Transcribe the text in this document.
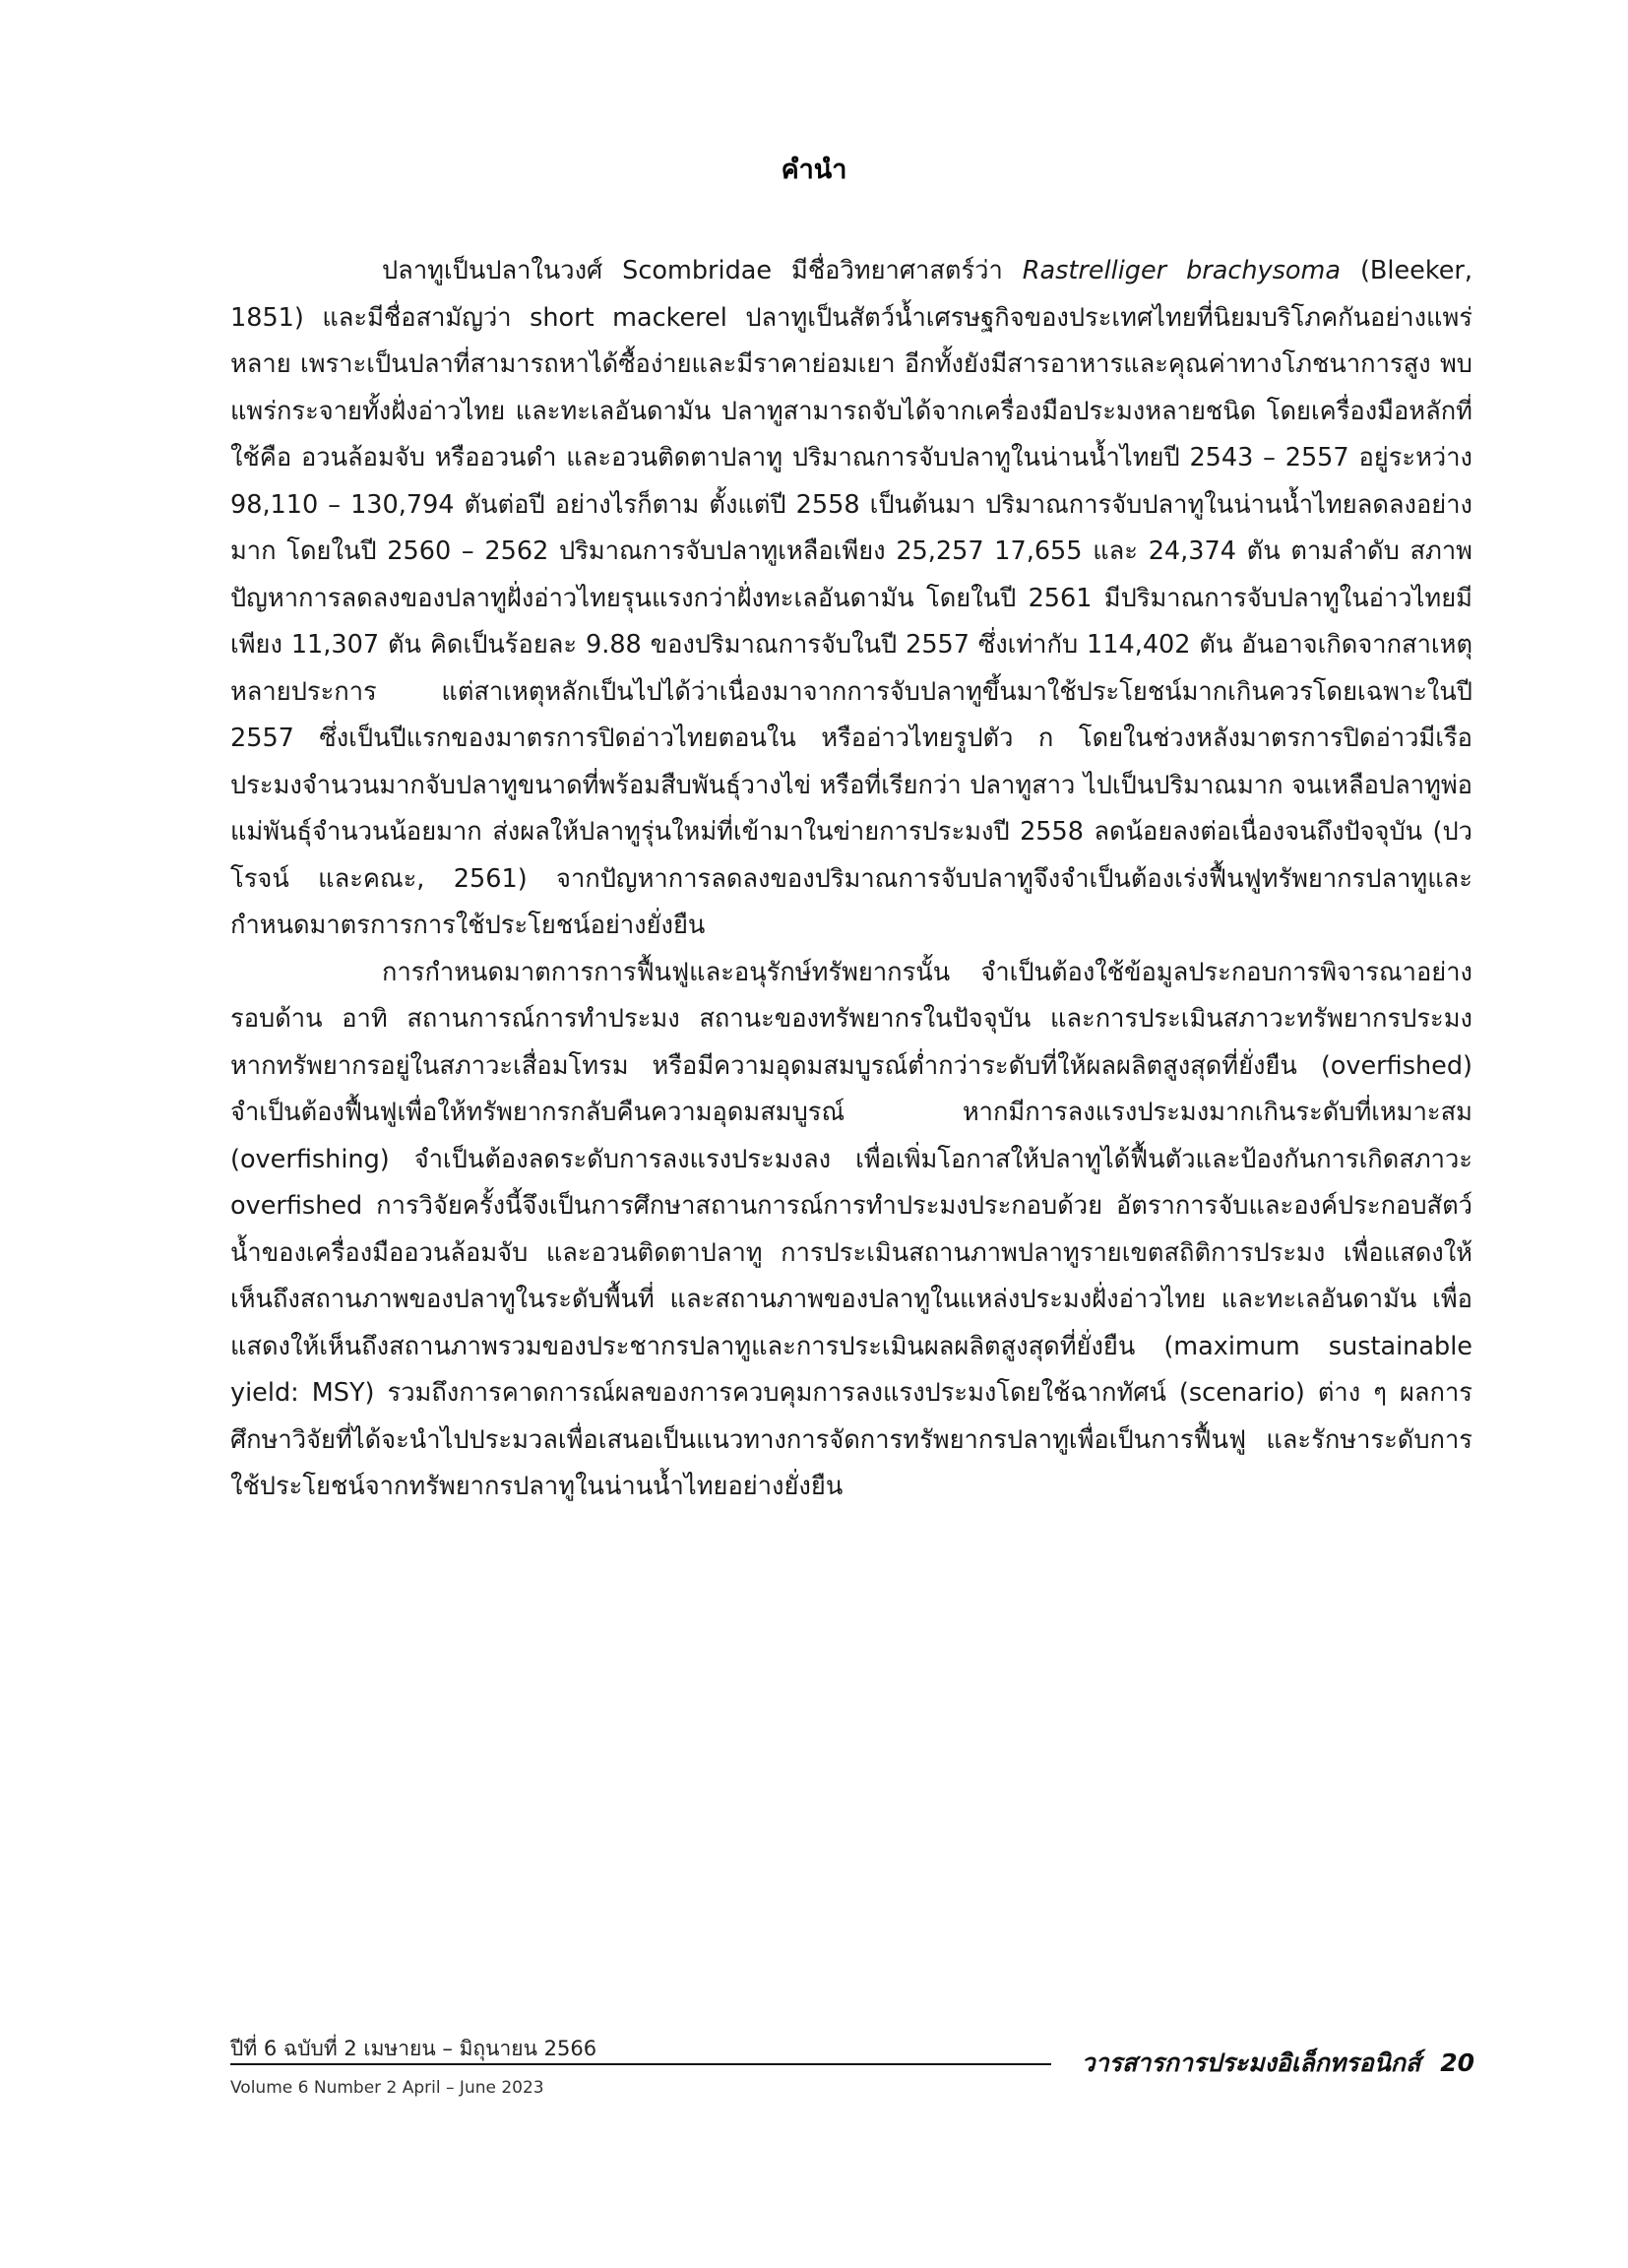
คำนำ

ปลาทูเป็นปลาในวงศ์ Scombridae มีชื่อวิทยาศาสตร์ว่า Rastrelliger brachysoma (Bleeker, 1851) และมีชื่อสามัญว่า short mackerel ปลาทูเป็นสัตว์น้ำเศรษฐกิจของประเทศไทยที่นิยมบริโภคกันอย่างแพร่หลาย เพราะเป็นปลาที่สามารถหาได้ซื้อง่ายและมีราคาย่อมเยา อีกทั้งยังมีสารอาหารและคุณค่าทางโภชนาการสูง พบแพร่กระจายทั้งฝั่งอ่าวไทย และทะเลอันดามัน ปลาทูสามารถจับได้จากเครื่องมือประมงหลายชนิด โดยเครื่องมือหลักที่ใช้คือ อวนล้อมจับ หรืออวนดำ และอวนติดตาปลาทู ปริมาณการจับปลาทูในน่านน้ำไทยปี 2543 – 2557 อยู่ระหว่าง 98,110 – 130,794 ตันต่อปี อย่างไรก็ตาม ตั้งแต่ปี 2558 เป็นต้นมา ปริมาณการจับปลาทูในน่านน้ำไทยลดลงอย่างมาก โดยในปี 2560 – 2562 ปริมาณการจับปลาทูเหลือเพียง 25,257 17,655 และ 24,374 ตัน ตามลำดับ สภาพปัญหาการลดลงของปลาทูฝั่งอ่าวไทยรุนแรงกว่าฝั่งทะเลอันดามัน โดยในปี 2561 มีปริมาณการจับปลาทูในอ่าวไทยมีเพียง 11,307 ตัน คิดเป็นร้อยละ 9.88 ของปริมาณการจับในปี 2557 ซึ่งเท่ากับ 114,402 ตัน อันอาจเกิดจากสาเหตุหลายประการ แต่สาเหตุหลักเป็นไปได้ว่าเนื่องมาจากการจับปลาทูขึ้นมาใช้ประโยชน์มากเกินควรโดยเฉพาะในปี 2557 ซึ่งเป็นปีแรกของมาตรการปิดอ่าวไทยตอนใน หรืออ่าวไทยรูปตัว ก โดยในช่วงหลังมาตรการปิดอ่าวมีเรือประมงจำนวนมากจับปลาทูขนาดที่พร้อมสืบพันธุ์วางไข่ หรือที่เรียกว่า ปลาทูสาว ไปเป็นปริมาณมาก จนเหลือปลาทูพ่อแม่พันธุ์จำนวนน้อยมาก ส่งผลให้ปลาทูรุ่นใหม่ที่เข้ามาในข่ายการประมงปี 2558 ลดน้อยลงต่อเนื่องจนถึงปัจจุบัน (ปวโรจน์ และคณะ, 2561) จากปัญหาการลดลงของปริมาณการจับปลาทูจึงจำเป็นต้องเร่งฟื้นฟูทรัพยากรปลาทูและกำหนดมาตรการการใช้ประโยชน์อย่างยั่งยืน

การกำหนดมาตการการฟื้นฟูและอนุรักษ์ทรัพยากรนั้น จำเป็นต้องใช้ข้อมูลประกอบการพิจารณาอย่างรอบด้าน อาทิ สถานการณ์การทำประมง สถานะของทรัพยากรในปัจจุบัน และการประเมินสภาวะทรัพยากรประมง หากทรัพยากรอยู่ในสภาวะเสื่อมโทรม หรือมีความอุดมสมบูรณ์ต่ำกว่าระดับที่ให้ผลผลิตสูงสุดที่ยั่งยืน (overfished) จำเป็นต้องฟื้นฟูเพื่อให้ทรัพยากรกลับคืนความอุดมสมบูรณ์ หากมีการลงแรงประมงมากเกินระดับที่เหมาะสม (overfishing) จำเป็นต้องลดระดับการลงแรงประมงลง เพื่อเพิ่มโอกาสให้ปลาทูได้ฟื้นตัวและป้องกันการเกิดสภาวะ overfished การวิจัยครั้งนี้จึงเป็นการศึกษาสถานการณ์การทำประมงประกอบด้วย อัตราการจับและองค์ประกอบสัตว์น้ำของเครื่องมืออวนล้อมจับ และอวนติดตาปลาทู การประเมินสถานภาพปลาทูรายเขตสถิติการประมง เพื่อแสดงให้เห็นถึงสถานภาพของปลาทูในระดับพื้นที่ และสถานภาพของปลาทูในแหล่งประมงฝั่งอ่าวไทย และทะเลอันดามัน เพื่อแสดงให้เห็นถึงสถานภาพรวมของประชากรปลาทูและการประเมินผลผลิตสูงสุดที่ยั่งยืน (maximum sustainable yield: MSY) รวมถึงการคาดการณ์ผลของการควบคุมการลงแรงประมงโดยใช้ฉากทัศน์ (scenario) ต่าง ๆ ผลการศึกษาวิจัยที่ได้จะนำไปประมวลเพื่อเสนอเป็นแนวทางการจัดการทรัพยากรปลาทูเพื่อเป็นการฟื้นฟู และรักษาระดับการใช้ประโยชน์จากทรัพยากรปลาทูในน่านน้ำไทยอย่างยั่งยืน

ปีที่ 6 ฉบับที่ 2 เมษายน – มิถุนายน 2566
Volume 6 Number 2 April – June 2023
วารสารการประมงอิเล็กทรอนิกส์ 20
